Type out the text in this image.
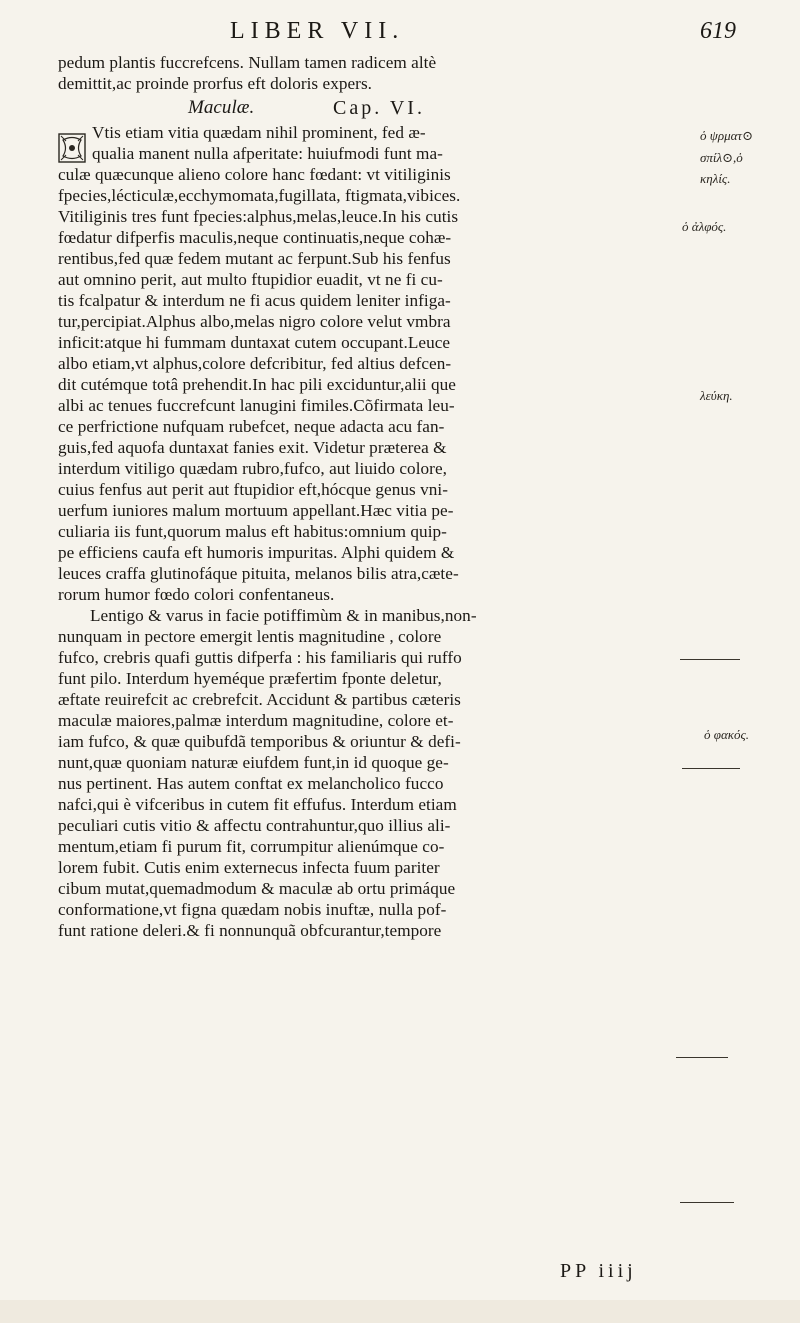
LIBER VII.	619
pedum plantis fuccrefcens. Nullam tamen radicem altè
demittit,ac proinde prorfus eft doloris expers.
Maculæ.	Cap. VI.
Vtis etiam vitia quædam nihil prominent, fed æ-
qualia manent nulla afperitate: huiufmodi funt ma-
culæ quæcunque alieno colore hanc fœdant: vt vitiliginis
fpecies,lécticulæ,ecchymomata,fugillata, ftigmata,vibices.
Vitiliginis tres funt fpecies:alphus,melas,leuce.In his cutis
fœdatur difperfis maculis,neque continuatis,neque cohæ-
rentibus,fed quæ fedem mutant ac ferpunt.Sub his fenfus
aut omnino perit, aut multo ftupidior euadit, vt ne fi cu-
tis fcalpatur & interdum ne fi acus quidem leniter infiga-
tur,percipiat.Alphus albo,melas nigro colore velut vmbra
inficit:atque hi fummam duntaxat cutem occupant.Leuce
albo etiam,vt alphus,colore defcribitur, fed altius defcen-
dit cutémque totâ prehendit.In hac pili exciduntur,alii que
albi ac tenues fuccrefcunt lanugini fimiles.Cõfirmata leu-
ce perfrictione nufquam rubefcet, neque adacta acu fan-
guis,fed aquofa duntaxat fanies exit. Videtur præterea &
interdum vitiligo quædam rubro,fufco, aut liuido colore,
cuius fenfus aut perit aut ftupidior eft,hócque genus vni-
uerfum iuniores malum mortuum appellant.Hæc vitia pe-
culiaria iis funt,quorum malus eft habitus:omnium quip-
pe efficiens caufa eft humoris impuritas. Alphi quidem &
leuces craffa glutinofáque pituita, melanos bilis atra,cæte-
rorum humor fœdo colori confentaneus.
Lentigo & varus in facie potiffimùm & in manibus,non-
nunquam in pectore emergit lentis magnitudine , colore
fufco, crebris quafi guttis difperfa : his familiaris qui ruffo
funt pilo. Interdum hyeméque præfertim fponte deletur,
æftate reuirefcit ac crebrefcit. Accidunt & partibus cæteris
maculæ maiores,palmæ interdum magnitudine, colore et-
iam fufco, & quæ quibufdã temporibus & oriuntur & defi-
nunt,quæ quoniam naturæ eiufdem funt,in id quoque ge-
nus pertinent. Has autem conftat ex melancholico fucco
nafci,qui è vifceribus in cutem fit effufus. Interdum etiam
peculiari cutis vitio & affectu contrahuntur,quo illius ali-
mentum,etiam fi purum fit, corrumpitur alienúmque co-
lorem fubit. Cutis enim externecus infecta fuum pariter
cibum mutat,quemadmodum & maculæ ab ortu primáque
conformatione,vt figna quædam nobis inuftæ, nulla pof-
funt ratione deleri.& fi nonnunquã obfcurantur,tempore
ὁ ψρματ⊙
σπίλ⊙,ὁ
κηλίς.
ὁ ἀλφός.
λεύκη.
ὁ φακός.
PP iiij
